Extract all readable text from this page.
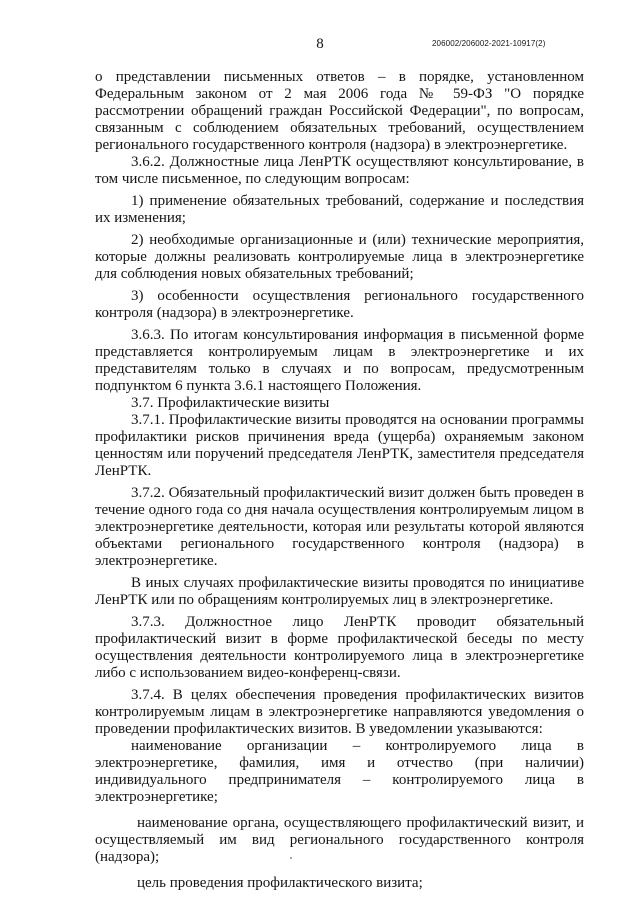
8	206002/206002-2021-10917(2)

о представлении письменных ответов – в порядке, установленном Федеральным законом от 2 мая 2006 года № 59-ФЗ "О порядке рассмотрении обращений граждан Российской Федерации", по вопросам, связанным с соблюдением обязательных требований, осуществлением регионального государственного контроля (надзора) в электроэнергетике.

3.6.2. Должностные лица ЛенРТК осуществляют консультирование, в том числе письменное, по следующим вопросам:

1) применение обязательных требований, содержание и последствия их изменения;

2) необходимые организационные и (или) технические мероприятия, которые должны реализовать контролируемые лица в электроэнергетике для соблюдения новых обязательных требований;

3) особенности осуществления регионального государственного контроля (надзора) в электроэнергетике.

3.6.3. По итогам консультирования информация в письменной форме представляется контролируемым лицам в электроэнергетике и их представителям только в случаях и по вопросам, предусмотренным подпунктом 6 пункта 3.6.1 настоящего Положения.

3.7. Профилактические визиты

3.7.1. Профилактические визиты проводятся на основании программы профилактики рисков причинения вреда (ущерба) охраняемым законом ценностям или поручений председателя ЛенРТК, заместителя председателя ЛенРТК.

3.7.2. Обязательный профилактический визит должен быть проведен в течение одного года со дня начала осуществления контролируемым лицом в электроэнергетике деятельности, которая или результаты которой являются объектами регионального государственного контроля (надзора) в электроэнергетике.

В иных случаях профилактические визиты проводятся по инициативе ЛенРТК или по обращениям контролируемых лиц в электроэнергетике.

3.7.3. Должностное лицо ЛенРТК проводит обязательный профилактический визит в форме профилактической беседы по месту осуществления деятельности контролируемого лица в электроэнергетике либо с использованием видео-конференц-связи.

3.7.4. В целях обеспечения проведения профилактических визитов контролируемым лицам в электроэнергетике направляются уведомления о проведении профилактических визитов. В уведомлении указываются:

наименование организации – контролируемого лица в электроэнергетике, фамилия, имя и отчество (при наличии) индивидуального предпринимателя – контролируемого лица в электроэнергетике;

наименование органа, осуществляющего профилактический визит, и осуществляемый им вид регионального государственного контроля (надзора);

цель проведения профилактического визита;
